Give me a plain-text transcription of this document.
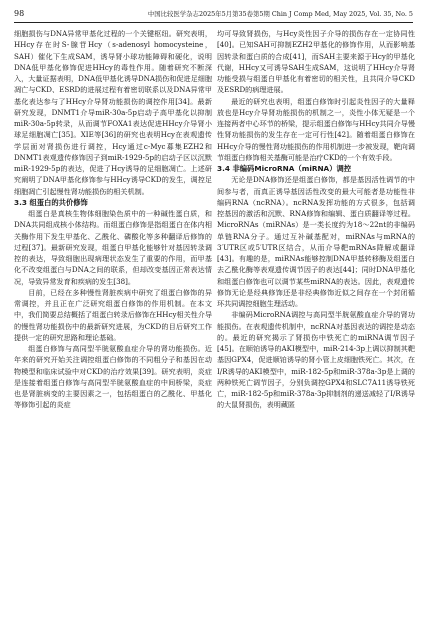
98	中国比较医学杂志2025年5月第35卷第5期 Chin J Comp Med, May 2025, Vol. 35, No. 5

细胞损伤与DNA异常甲基化过程的一个关键枢纽。研究表明，HHcy存在时S-腺苷Hcy（s-adenosyl homocysteine，SAH）催化下生成SAM，诱导肾小球功能障碍和硬化，说明DNA低甲基化修饰促进HHcy的毒性作用。随着研究不断深入，大量证据表明，DNA低甲基化诱导DNA损伤和促进足细胞凋亡与CKD、ESRD的进展过程有着密切联系以及DNA异常甲基化表达参与了HHcy介导肾功能损伤的调控作用[34]。最新研究发现，DNMT1介导miR-30a-5p启动子高甲基化以抑制miR-30a-5p转录，从而调节FOXA1表达促进HHcy介导肾小球足细胞凋亡[35]。XIE等[36]的研究也表明Hcy在表观遗传学层面对肾损伤进行调控，Hcy通过c-Myc募集EZH2和DNMT1表观遗传修饰因子到miR-1929-5p的启动子区以沉默miR-1929-5p的表达，促进了Hcy诱导的足细胞凋亡。上述研究阐明了DNA甲基化修饰参与HHcy诱导CKD的发生，调控足细胞凋亡引起慢性肾功能损伤的相关机制。

3.3 组蛋白的共价修饰

组蛋白是真核生物体细胞染色质中的一种碱性蛋白质，和DNA共同组成核小体结构。而组蛋白修饰是指组蛋白在体内相关酶作用下发生甲基化、乙酰化、磷酸化等多种翻译后修饰的过程[37]。最新研究发现，组蛋白甲基化能够针对基因转录调控的表达，导致细胞出现病理状态发生了重要的作用，而甲基化不改变组蛋白与DNA之间的联系，但却改变基因正常表达情况，导致异常发育和疾病的发生[38]。

目前，已经在多种慢性肾脏疾病中研究了组蛋白修饰的异常调控，并且正在广泛研究组蛋白修饰的作用机制。在本文中，我们简要总结概括了组蛋白转录后修饰在HHcy相关性介导的慢性肾功能损伤中的最新研究进展，为CKD的目后研究工作提供一定的研究思路和理论基础。

组蛋白修饰与高同型半胱氨酸血症介导的肾功能损伤。近年来的研究开始关注调控组蛋白修饰的不同粗分子和基因在动物模型和临床试验中对CKD的治疗效果[39]。研究表明，炎症是连接着组蛋白修饰与高同型半胱氨酸血症的中间桥梁，炎症也是肾脏病变的主要因素之一，包括组蛋白的乙酰化、甲基化等修饰引起的炎症

均可导致肾损伤，与Hcy炎性因子介导的损伤存在一定协同性[40]。已知SAH可抑制EZH2甲基化的修饰作用，从而影响基因转录和蛋白质的合成[41]，而SAH主要来源于Hcy的甲基化代谢，HHcy又可诱导SAH生成SAM，这说明了HHcy介导肾功能受损与组蛋白甲基化有着密切的相关性，且共同介导CKD及ESRD的病理进展。

最近的研究也表明，组蛋白修饰时引起炎性因子的大量释放也是Hcy介导肾功能损伤的机制之一，炎性小体无疑是一个连接两者中心环节的桥梁，提示组蛋白修饰与HHcy共同介导慢性肾功能损伤的发生存在一定可行性[42]。随着组蛋白修饰在HHcy介导的慢性肾功能损伤的作用机制进一步被发现，靶向调节组蛋白修饰相关基酶可能是治疗CKD的一个有效手段。

3.4 非编码MicroRNA（miRNA）调控

无论是DNA修饰还是组蛋白修饰，都是基因活性调节的中间参与者，而真正诱导基因活性改变的最大可能者是功能性非编码RNA（ncRNA）。ncRNA发挥功能的方式很多，包括调控基因的激活和沉默、RNA修饰和编辑、蛋白质翻译等过程。MicroRNAs（miRNAs）是一类长度约为18～22nt的非编码单链RNA分子。通过互补碱基配对，miRNAs与mRNA的3′UTR区或5′UTR区结合，从而介导靶mRNAs降解或翻译[43]。有趣的是，miRNAs能够控制DNA甲基转移酶及组蛋白去乙酰化酶等表观遗传调节因子的表达[44]；同时DNA甲基化和组蛋白修饰也可以调节某些miRNA的表达。因此，表观遗传修饰无论是经典修饰还是非经典修饰近似之间存在一个封闭循环共同调控细胞生理活动。

非编码MicroRNA调控与高同型半胱氨酸血症介导的肾功能损伤。在表观遗传机制中，ncRNA对基因表达的调控是动态的。最近的研究揭示了肾损伤中铁死亡的miRNA调节因子[45]。在顺铂诱导的AKI模型中，miR-214-3p上调以抑制其靶基因GPX4，促进顺铂诱导的肾小管上皮细胞铁死亡。其次，在I/R诱导的AKI模型中，miR-182-5p和miR-378a-3p是上调的两种铁死亡调节因子，分别负调控GPX4和SLC7A11诱导铁死亡，miR-182-5p和miR-378a-3p抑制剂的递送减轻了I/R诱导的大鼠肾损伤，表明藏匿
